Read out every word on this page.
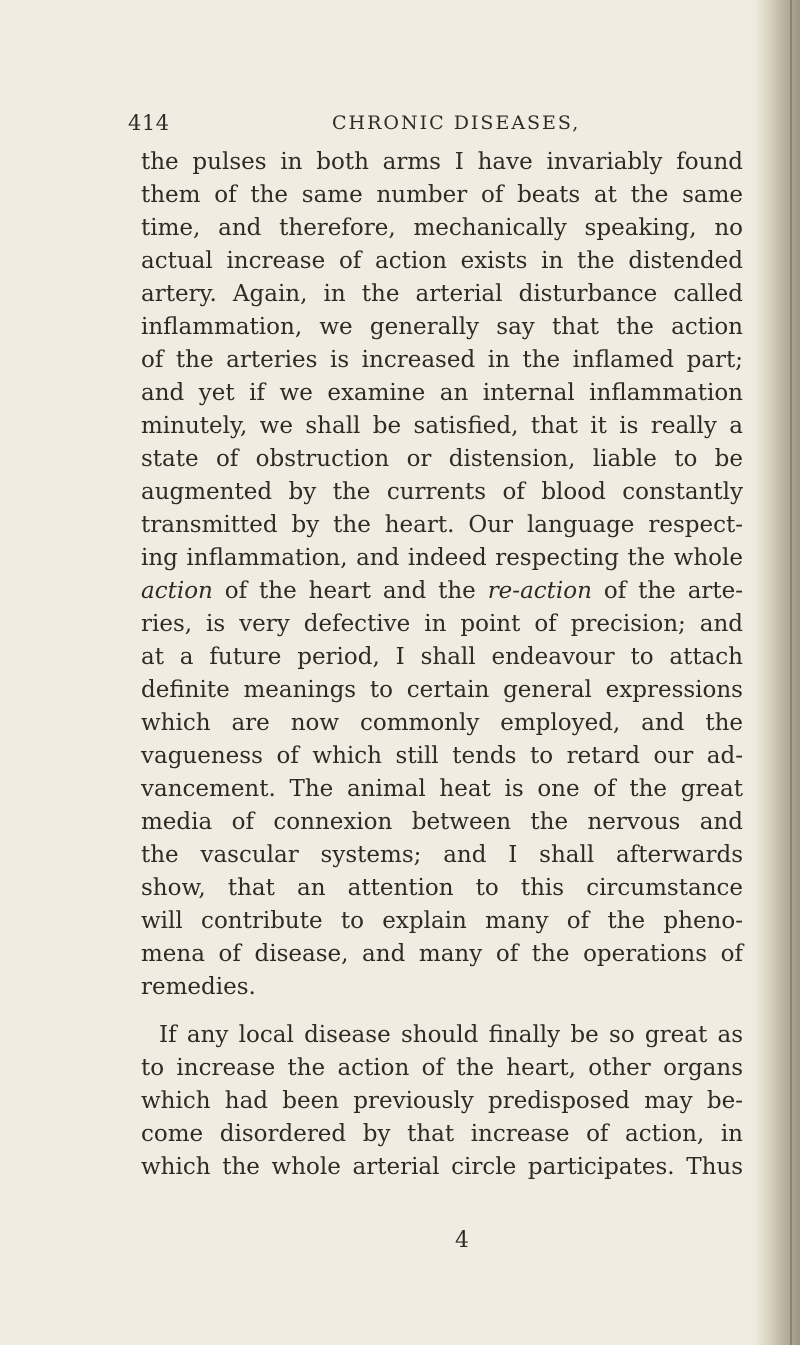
414	CHRONIC DISEASES,
the pulses in both arms I have invariably found
them of the same number of beats at the same
time, and therefore, mechanically speaking, no
actual increase of action exists in the distended
artery. Again, in the arterial disturbance called
inflammation, we generally say that the action
of the arteries is increased in the inflamed part;
and yet if we examine an internal inflammation
minutely, we shall be satisfied, that it is really a
state of obstruction or distension, liable to be
augmented by the currents of blood constantly
transmitted by the heart. Our language respect-
ing inflammation, and indeed respecting the whole
action of the heart and the re-action of the arte-
ries, is very defective in point of precision; and
at a future period, I shall endeavour to attach
definite meanings to certain general expressions
which are now commonly employed, and the
vagueness of which still tends to retard our ad-
vancement. The animal heat is one of the great
media of connexion between the nervous and
the vascular systems; and I shall afterwards
show, that an attention to this circumstance
will contribute to explain many of the pheno-
mena of disease, and many of the operations of
remedies.
If any local disease should finally be so great as
to increase the action of the heart, other organs
which had been previously predisposed may be-
come disordered by that increase of action, in
which the whole arterial circle participates. Thus
4
